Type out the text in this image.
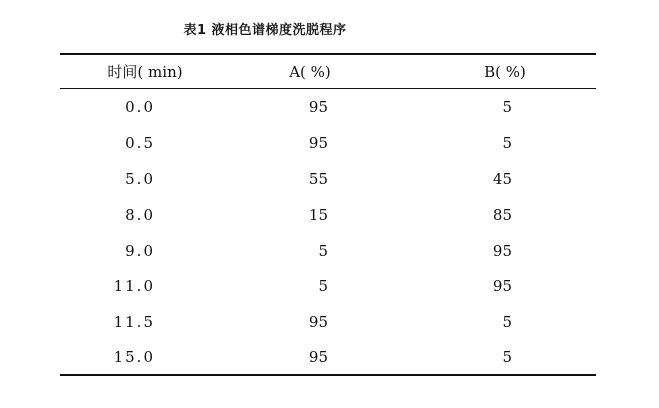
表1 液相色谱梯度洗脱程序
时间( min)	A( %)	B( %)
0.0	95	5
0.5	95	5
5.0	55	45
8.0	15	85
9.0	5	95
11.0	5	95
11.5	95	5
15.0	95	5
